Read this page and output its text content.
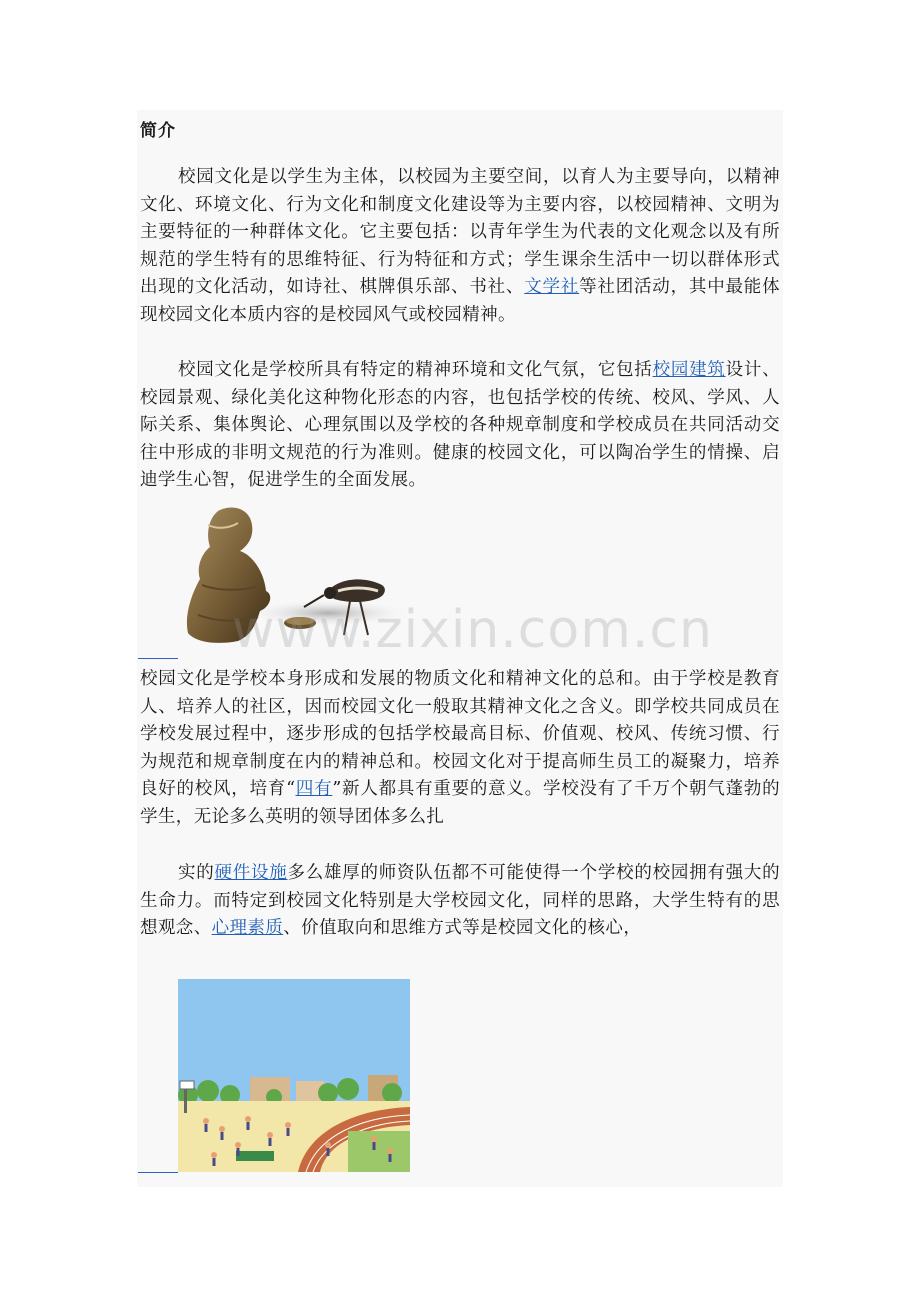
简介

校园文化是以学生为主体，以校园为主要空间，以育人为主要导向，以精神文化、环境文化、行为文化和制度文化建设等为主要内容，以校园精神、文明为主要特征的一种群体文化。它主要包括：以青年学生为代表的文化观念以及有所规范的学生特有的思维特征、行为特征和方式；学生课余生活中一切以群体形式出现的文化活动，如诗社、棋牌俱乐部、书社、文学社等社团活动，其中最能体现校园文化本质内容的是校园风气或校园精神。

校园文化是学校所具有特定的精神环境和文化气氛，它包括校园建筑设计、校园景观、绿化美化这种物化形态的内容，也包括学校的传统、校风、学风、人际关系、集体舆论、心理氛围以及学校的各种规章制度和学校成员在共同活动交往中形成的非明文规范的行为准则。健康的校园文化，可以陶冶学生的情操、启迪学生心智，促进学生的全面发展。

www.zixin.com.cn

校园文化是学校本身形成和发展的物质文化和精神文化的总和。由于学校是教育人、培养人的社区，因而校园文化一般取其精神文化之含义。即学校共同成员在学校发展过程中，逐步形成的包括学校最高目标、价值观、校风、传统习惯、行为规范和规章制度在内的精神总和。校园文化对于提高师生员工的凝聚力，培养良好的校风，培育“四有”新人都具有重要的意义。学校没有了千万个朝气蓬勃的学生，无论多么英明的领导团体多么扎

实的硬件设施多么雄厚的师资队伍都不可能使得一个学校的校园拥有强大的生命力。而特定到校园文化特别是大学校园文化，同样的思路，大学生特有的思想观念、心理素质、价值取向和思维方式等是校园文化的核心，
